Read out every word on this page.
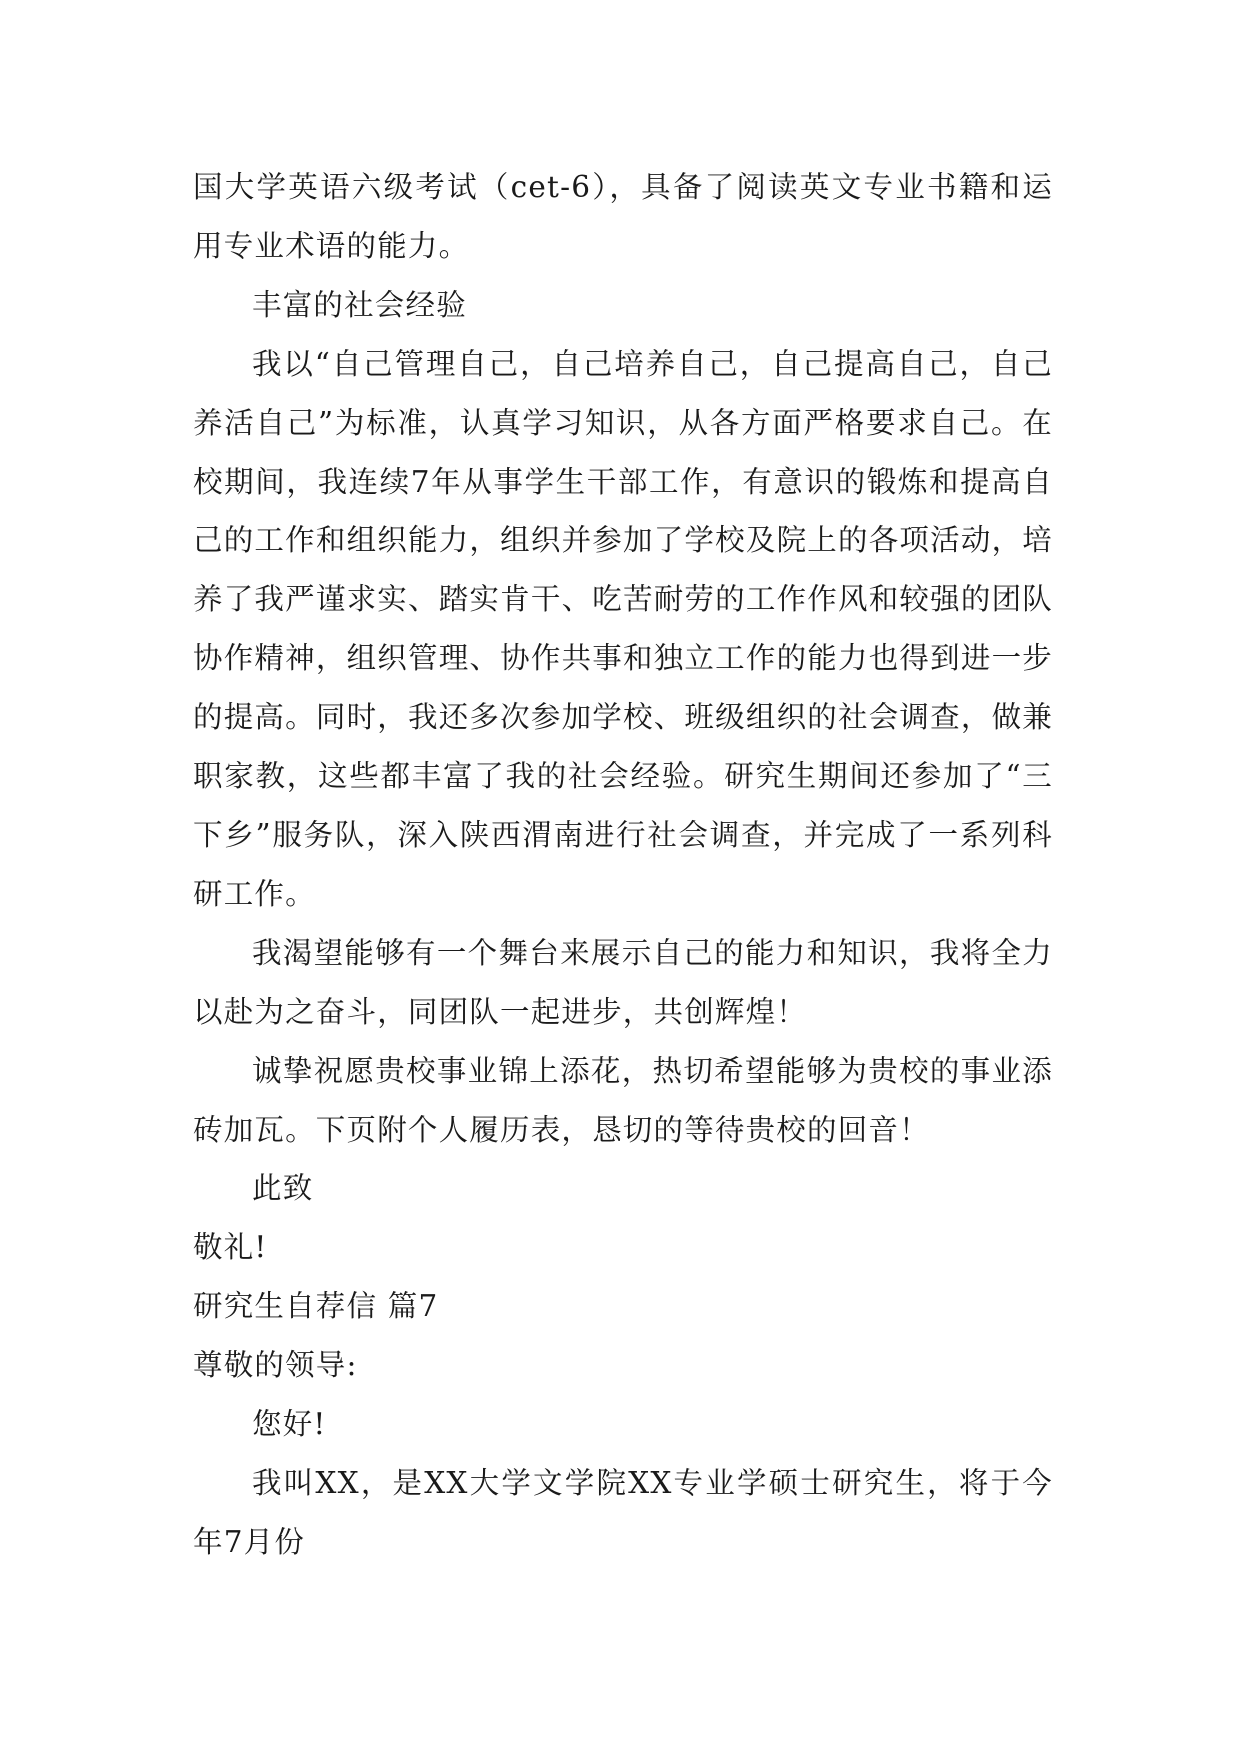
国大学英语六级考试（cet-6），具备了阅读英文专业书籍和运用专业术语的能力。

丰富的社会经验

我以“自己管理自己，自己培养自己，自己提高自己，自己养活自己”为标准，认真学习知识，从各方面严格要求自己。在校期间，我连续7年从事学生干部工作，有意识的锻炼和提高自己的工作和组织能力，组织并参加了学校及院上的各项活动，培养了我严谨求实、踏实肯干、吃苦耐劳的工作作风和较强的团队协作精神，组织管理、协作共事和独立工作的能力也得到进一步的提高。同时，我还多次参加学校、班级组织的社会调查，做兼职家教，这些都丰富了我的社会经验。研究生期间还参加了“三下乡”服务队，深入陕西渭南进行社会调查，并完成了一系列科研工作。

我渴望能够有一个舞台来展示自己的能力和知识，我将全力以赴为之奋斗，同团队一起进步，共创辉煌！

诚挚祝愿贵校事业锦上添花，热切希望能够为贵校的事业添砖加瓦。下页附个人履历表，恳切的等待贵校的回音！

此致

敬礼!

研究生自荐信 篇7

尊敬的领导:

您好!

我叫XX，是XX大学文学院XX专业学硕士研究生，将于今年7月份
